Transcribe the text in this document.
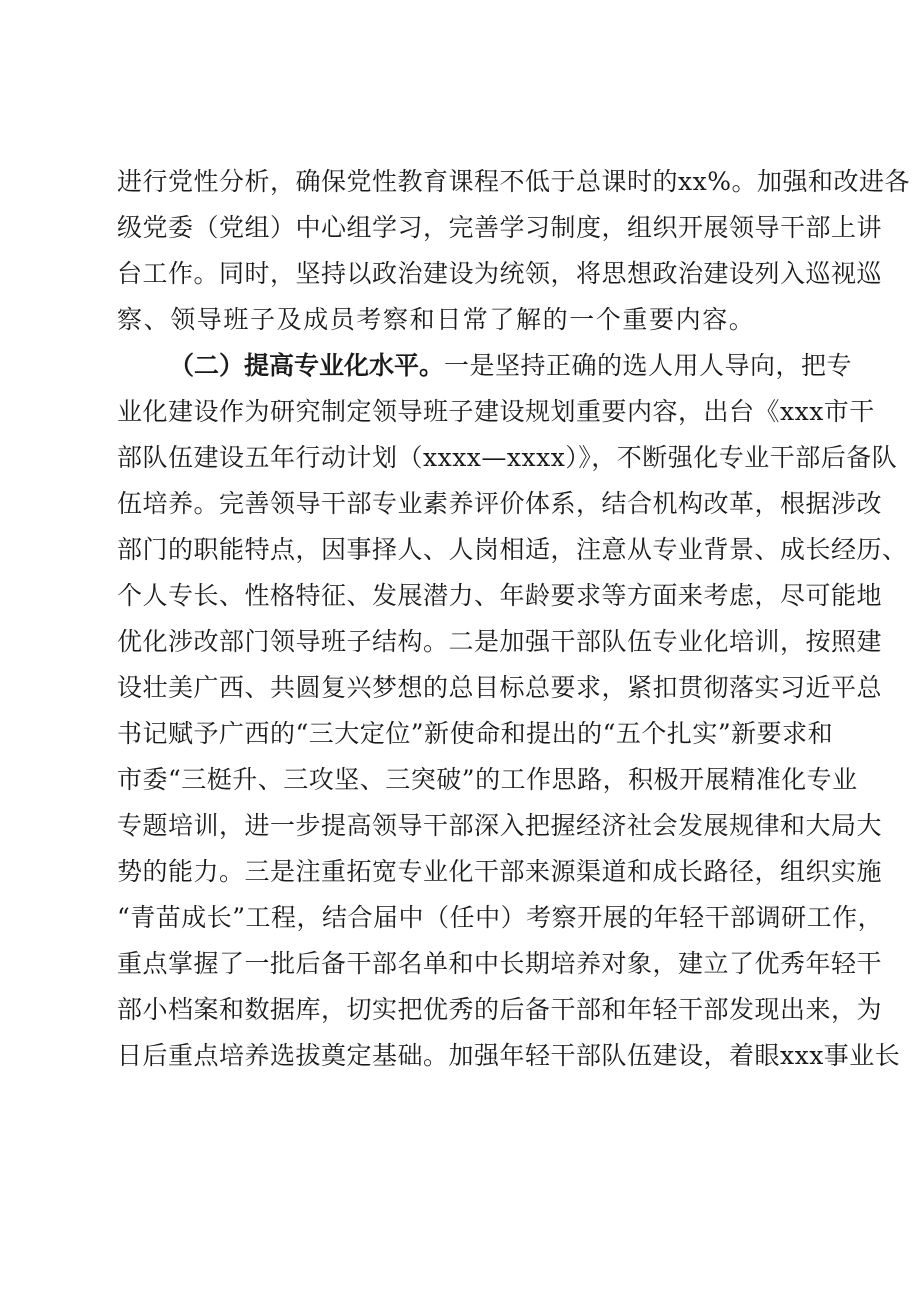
进行党性分析，确保党性教育课程不低于总课时的xx%。加强和改进各
级党委（党组）中心组学习，完善学习制度，组织开展领导干部上讲
台工作。同时，坚持以政治建设为统领，将思想政治建设列入巡视巡
察、领导班子及成员考察和日常了解的一个重要内容。
（二）提高专业化水平。 一是坚持正确的选人用人导向，把专
业化建设作为研究制定领导班子建设规划重要内容，出台《xxx市干
部队伍建设五年行动计划（xxxx—xxxx）》，不断强化专业干部后备队
伍培养。完善领导干部专业素养评价体系，结合机构改革，根据涉改
部门的职能特点，因事择人、人岗相适，注意从专业背景、成长经历、
个人专长、性格特征、发展潜力、年龄要求等方面来考虑，尽可能地
优化涉改部门领导班子结构。二是加强干部队伍专业化培训，按照建
设壮美广西、共圆复兴梦想的总目标总要求，紧扣贯彻落实习近平总
书记赋予广西的“三大定位”新使命和提出的“五个扎实”新要求和
市委“三梃升、三攻坚、三突破”的工作思路，积极开展精准化专业
专题培训，进一步提高领导干部深入把握经济社会发展规律和大局大
势的能力。三是注重拓宽专业化干部来源渠道和成长路径，组织实施
“青苗成长”工程，结合届中（任中）考察开展的年轻干部调研工作，
重点掌握了一批后备干部名单和中长期培养对象，建立了优秀年轻干
部小档案和数据库，切实把优秀的后备干部和年轻干部发现出来，为
日后重点培养选拔奠定基础。加强年轻干部队伍建设，着眼xxx事业长
